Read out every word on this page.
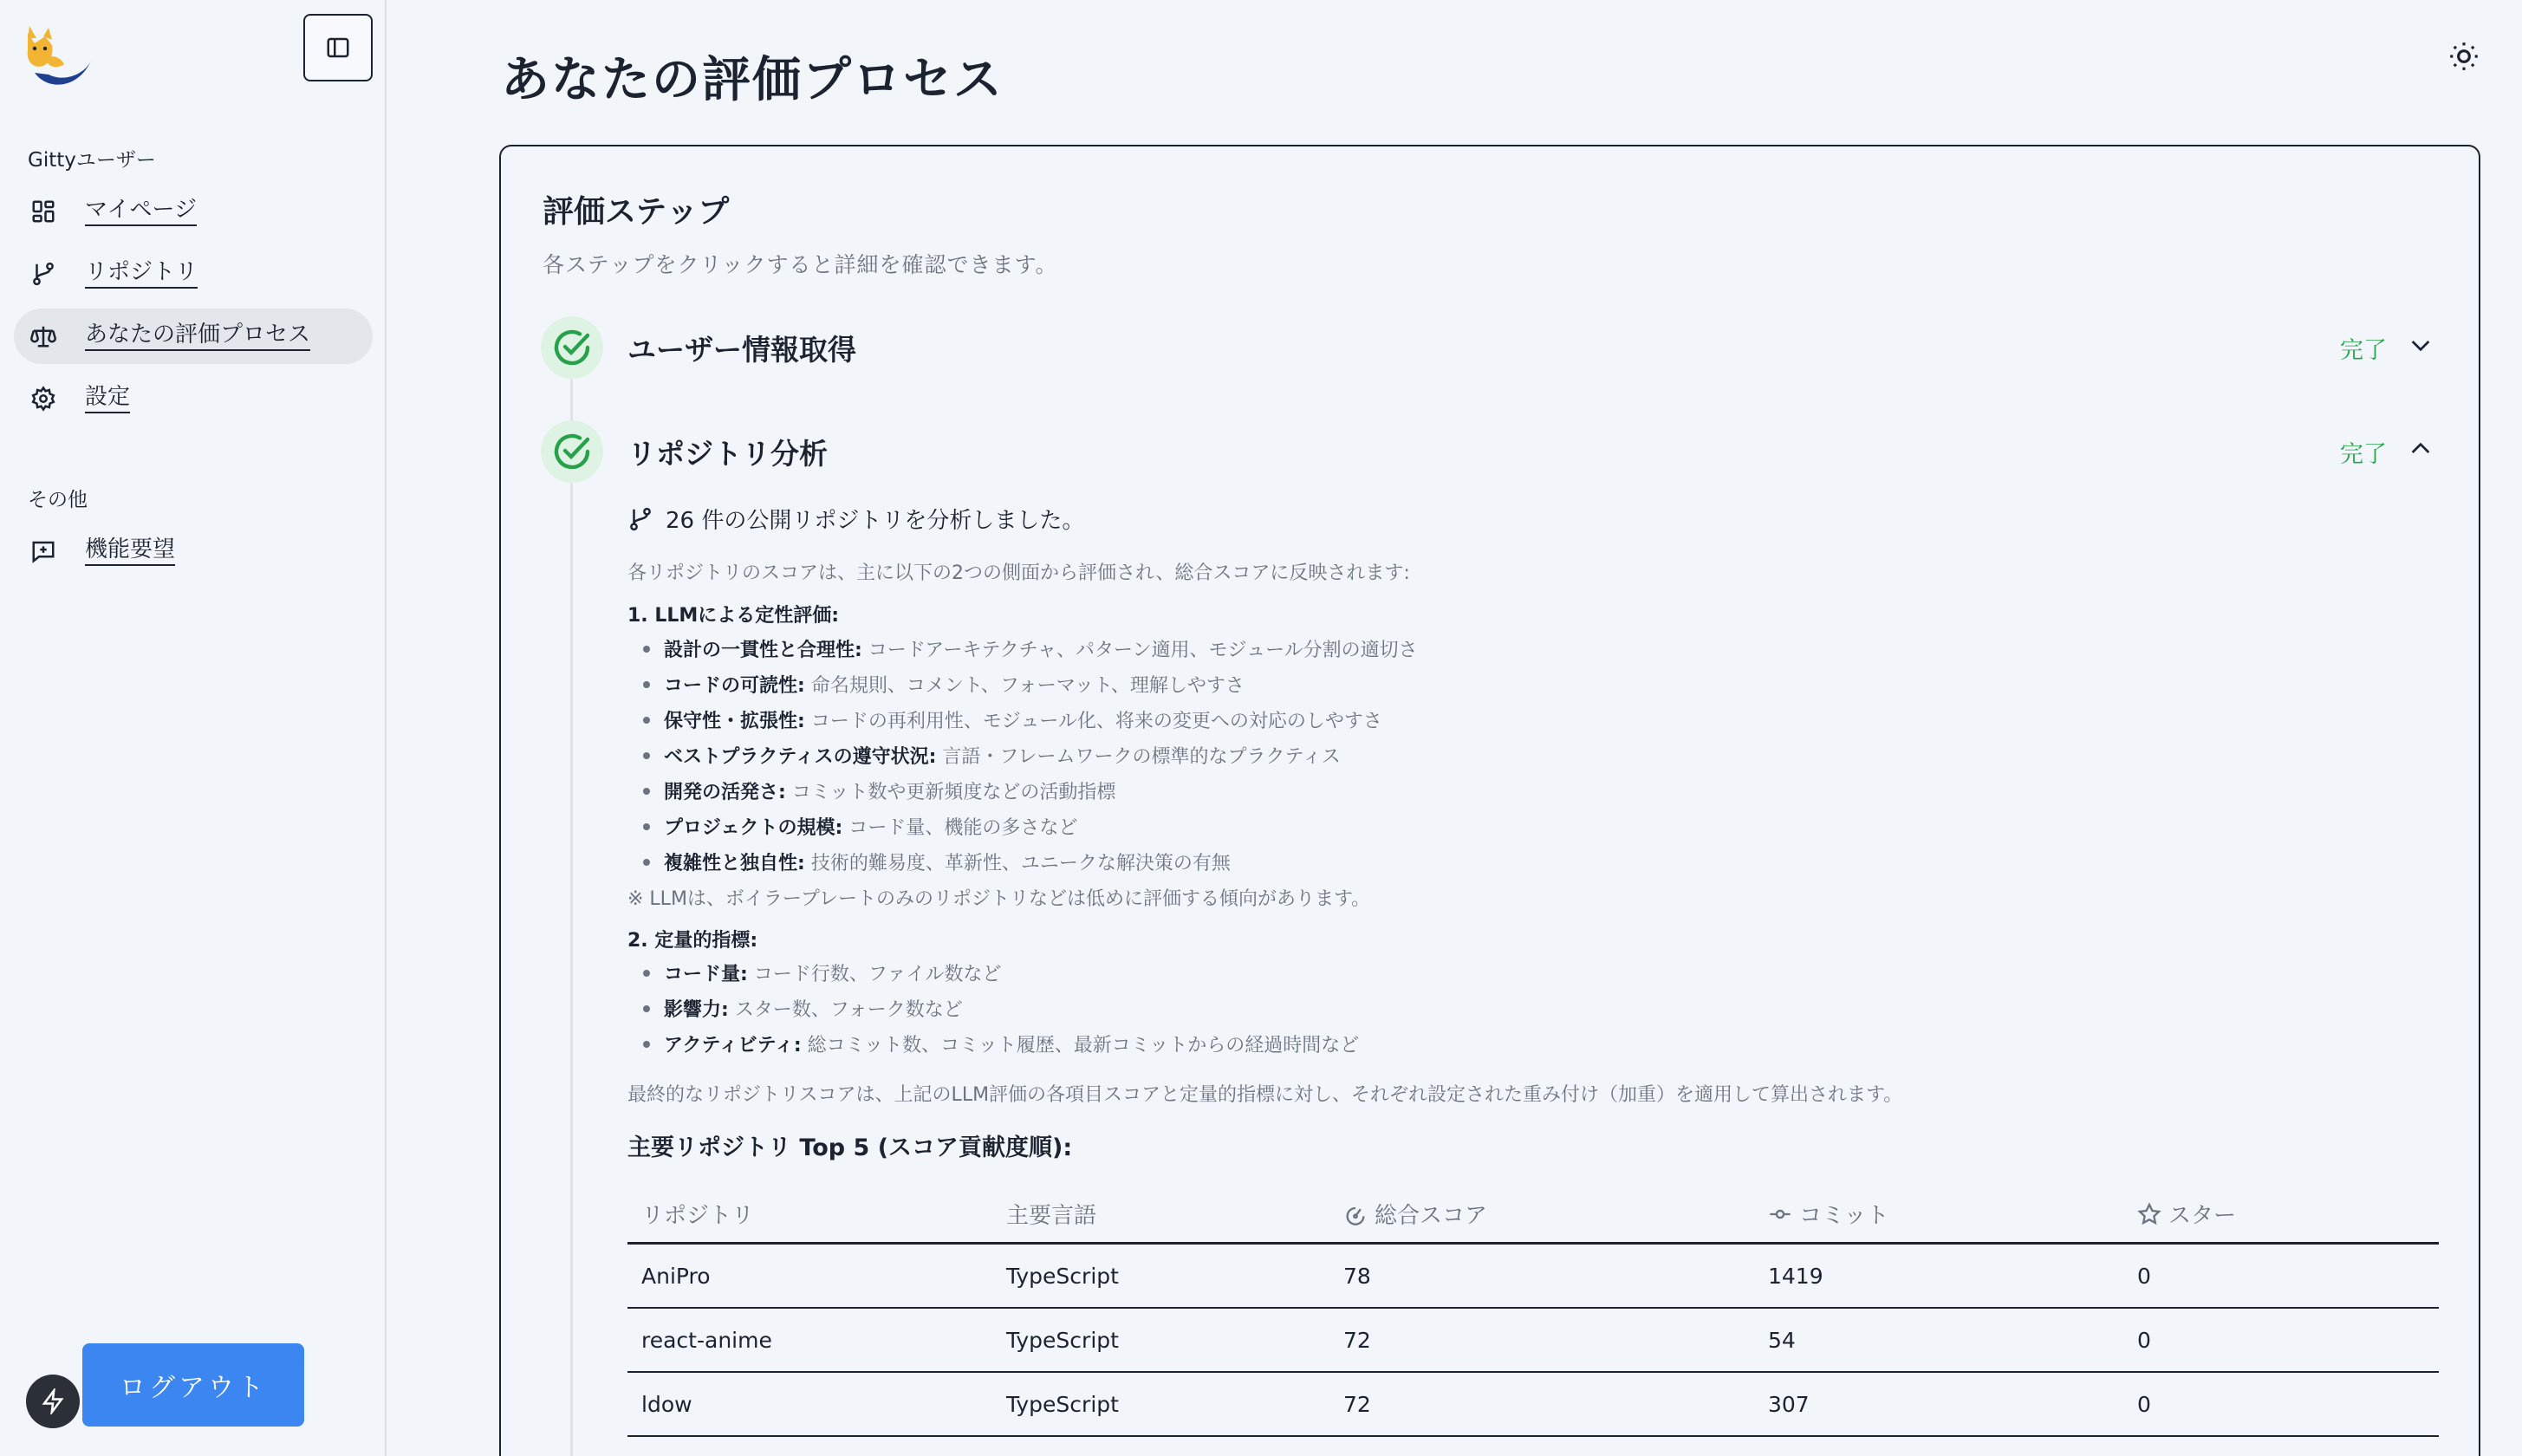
Gittyユーザー
マイページ
リポジトリ
あなたの評価プロセス
設定
その他
機能要望
ログアウト
あなたの評価プロセス
評価ステップ

各ステップをクリックすると詳細を確認できます。

ユーザー情報取得	完了
リポジトリ分析	完了
26 件の公開リポジトリを分析しました。
各リポジトリのスコアは、主に以下の2つの側面から評価され、総合スコアに反映されます:
1. LLMによる定性評価:
設計の一貫性と合理性: コードアーキテクチャ、パターン適用、モジュール分割の適切さ
コードの可読性: 命名規則、コメント、フォーマット、理解しやすさ
保守性・拡張性: コードの再利用性、モジュール化、将来の変更への対応のしやすさ
ベストプラクティスの遵守状況: 言語・フレームワークの標準的なプラクティス
開発の活発さ: コミット数や更新頻度などの活動指標
プロジェクトの規模: コード量、機能の多さなど
複雑性と独自性: 技術的難易度、革新性、ユニークな解決策の有無
※ LLMは、ボイラープレートのみのリポジトリなどは低めに評価する傾向があります。
2. 定量的指標:
コード量: コード行数、ファイル数など
影響力: スター数、フォーク数など
アクティビティ: 総コミット数、コミット履歴、最新コミットからの経過時間など
最終的なリポジトリスコアは、上記のLLM評価の各項目スコアと定量的指標に対し、それぞれ設定された重み付け（加重）を適用して算出されます。
主要リポジトリ Top 5 (スコア貢献度順):
リポジトリ	主要言語	総合スコア	コミット	スター
AniPro	TypeScript	78	1419	0
react-anime	TypeScript	72	54	0
ldow	TypeScript	72	307	0
